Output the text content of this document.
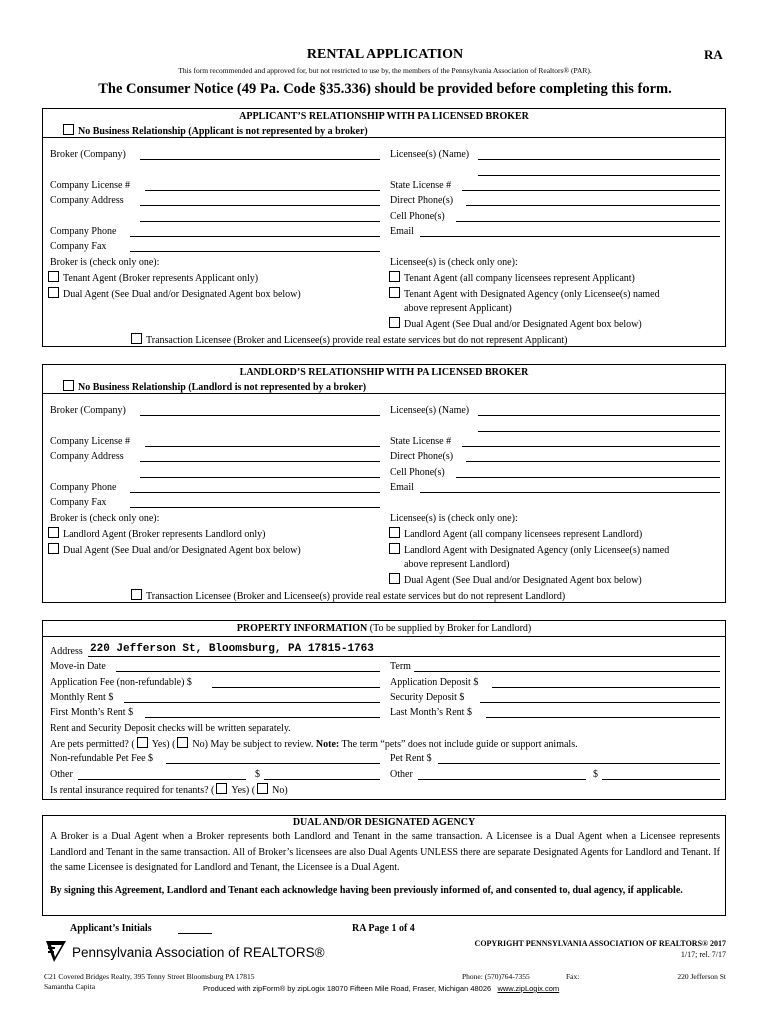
RENTAL APPLICATION	RA
This form recommended and approved for, but not restricted to use by, the members of the Pennsylvania Association of Realtors® (PAR).
The Consumer Notice (49 Pa. Code §35.336) should be provided before completing this form.
APPLICANT’S RELATIONSHIP WITH PA LICENSED BROKER
No Business Relationship (Applicant is not represented by a broker)
Broker (Company)	Licensee(s) (Name)
Company License #	State License #
Company Address	Direct Phone(s)
Cell Phone(s)
Company Phone	Email
Company Fax
Broker is (check only one):	Licensee(s) is (check only one):
Tenant Agent (Broker represents Applicant only)	Tenant Agent (all company licensees represent Applicant)
Dual Agent (See Dual and/or Designated Agent box below)	Tenant Agent with Designated Agency (only Licensee(s) named
above represent Applicant)
Dual Agent (See Dual and/or Designated Agent box below)
Transaction Licensee (Broker and Licensee(s) provide real estate services but do not represent Applicant)
LANDLORD’S RELATIONSHIP WITH PA LICENSED BROKER
No Business Relationship (Landlord is not represented by a broker)
Broker (Company)	Licensee(s) (Name)
Company License #	State License #
Company Address	Direct Phone(s)
Cell Phone(s)
Company Phone	Email
Company Fax
Broker is (check only one):	Licensee(s) is (check only one):
Landlord Agent (Broker represents Landlord only)	Landlord Agent (all company licensees represent Landlord)
Dual Agent (See Dual and/or Designated Agent box below)	Landlord Agent with Designated Agency (only Licensee(s) named
above represent Landlord)
Dual Agent (See Dual and/or Designated Agent box below)
Transaction Licensee (Broker and Licensee(s) provide real estate services but do not represent Landlord)
PROPERTY INFORMATION (To be supplied by Broker for Landlord)
Address 220 Jefferson St, Bloomsburg, PA 17815-1763
Move-in Date	Term
Application Fee (non-refundable) $	Application Deposit $
Monthly Rent $	Security Deposit $
First Month’s Rent $	Last Month’s Rent $
Rent and Security Deposit checks will be written separately.
Are pets permitted? ( Yes) ( No) May be subject to review. Note: The term “pets” does not include guide or support animals.
Non-refundable Pet Fee $	Pet Rent $
Other	$	Other	$
Is rental insurance required for tenants? ( Yes) ( No)
DUAL AND/OR DESIGNATED AGENCY
A Broker is a Dual Agent when a Broker represents both Landlord and Tenant in the same transaction. A Licensee is a Dual Agent when a Licensee represents Landlord and Tenant in the same transaction. All of Broker’s licensees are also Dual Agents UNLESS there are separate Designated Agents for Landlord and Tenant. If the same Licensee is designated for Landlord and Tenant, the Licensee is a Dual Agent.
By signing this Agreement, Landlord and Tenant each acknowledge having been previously informed of, and consented to, dual agency, if applicable.
Applicant’s Initials	RA Page 1 of 4
Pennsylvania Association of REALTORS®
COPYRIGHT PENNSYLVANIA ASSOCIATION OF REALTORS® 2017
1/17; rel. 7/17
C21 Covered Bridges Realty, 395 Tenny Street Bloomsburg PA 17815
Samantha Capita
Phone: (570)764-7355	Fax:	220 Jefferson St
Produced with zipForm® by zipLogix 18070 Fifteen Mile Road, Fraser, Michigan 48026 www.zipLogix.com
